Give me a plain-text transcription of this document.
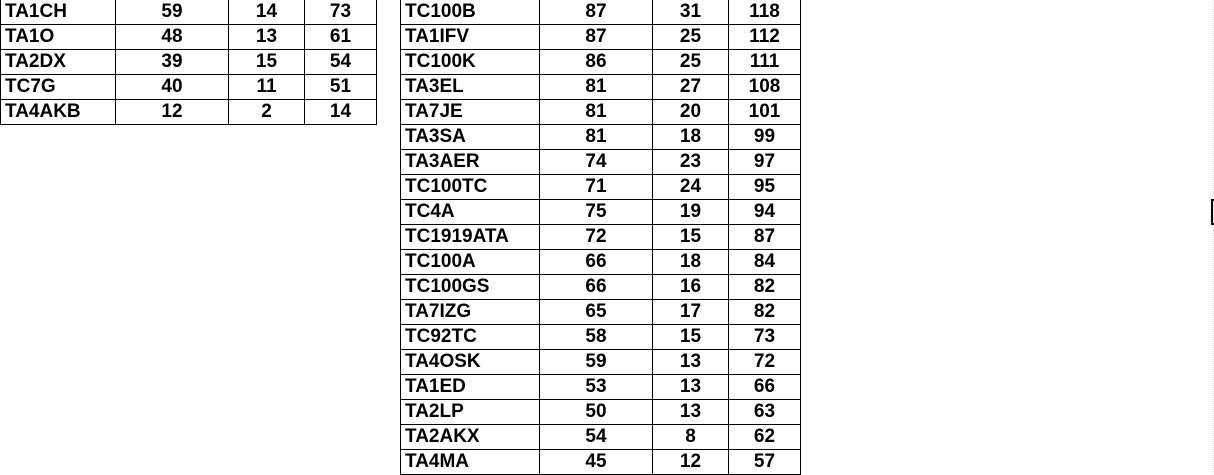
TA1CH	59	14	73
TA1O	48	13	61
TA2DX	39	15	54
TC7G	40	11	51
TA4AKB	12	2	14
TC100B	87	31	118
TA1IFV	87	25	112
TC100K	86	25	111
TA3EL	81	27	108
TA7JE	81	20	101
TA3SA	81	18	99
TA3AER	74	23	97
TC100TC	71	24	95
TC4A	75	19	94
TC1919ATA	72	15	87
TC100A	66	18	84
TC100GS	66	16	82
TA7IZG	65	17	82
TC92TC	58	15	73
TA4OSK	59	13	72
TA1ED	53	13	66
TA2LP	50	13	63
TA2AKX	54	8	62
TA4MA	45	12	57
